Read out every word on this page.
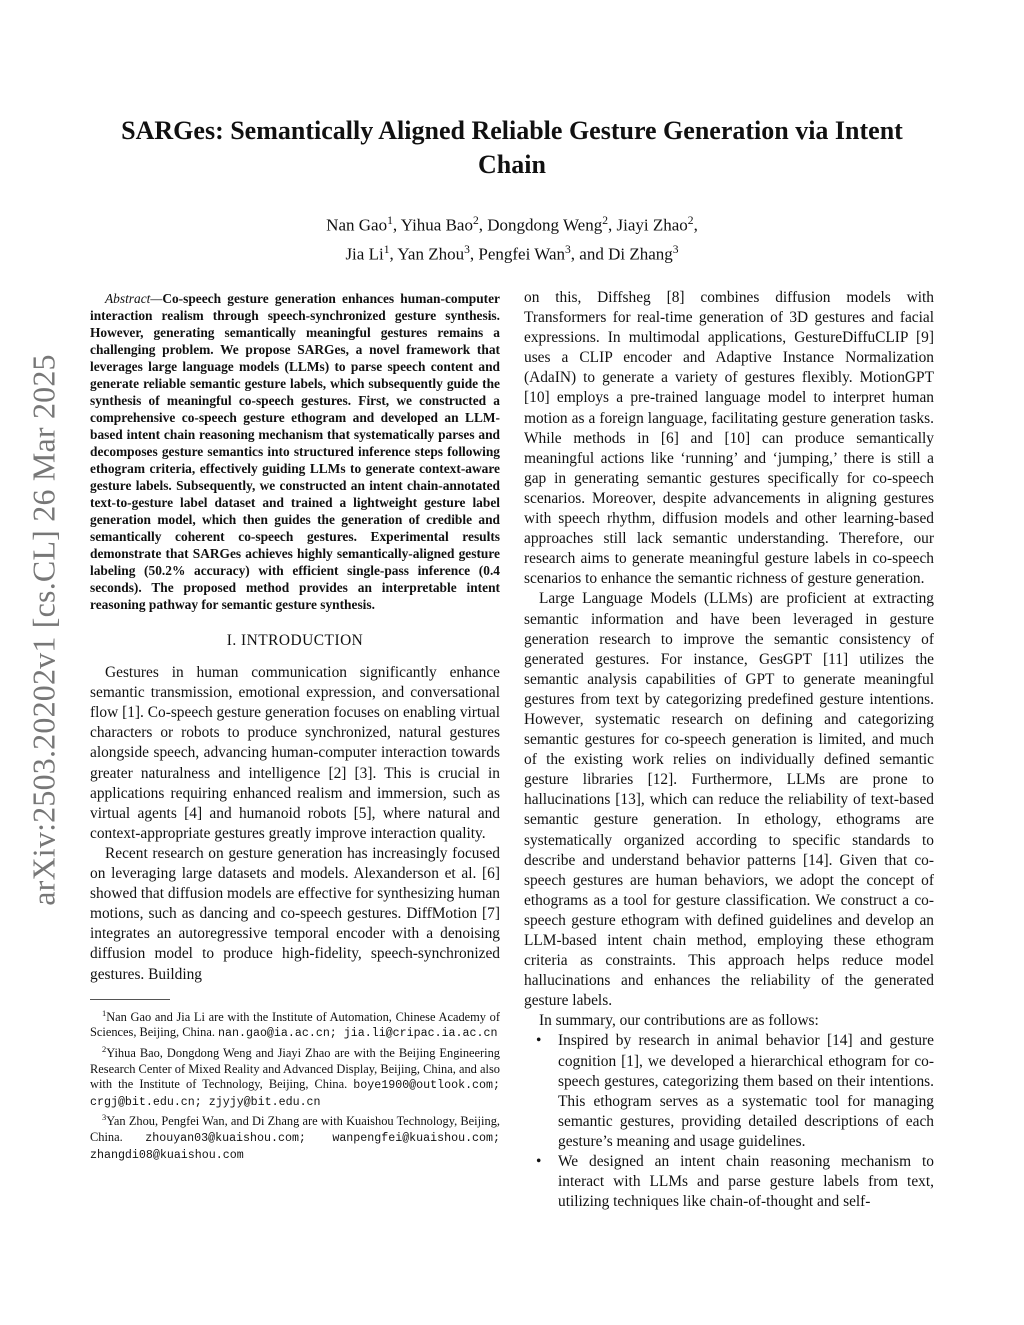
arXiv:2503.20202v1 [cs.CL] 26 Mar 2025
SARGes: Semantically Aligned Reliable Gesture Generation via Intent Chain
Nan Gao$^1$, Yihua Bao$^2$, Dongdong Weng$^2$, Jiayi Zhao$^2$,
Jia Li$^1$, Yan Zhou$^3$, Pengfei Wan$^3$, and Di Zhang$^3$

Abstract—Co-speech gesture generation enhances human-computer interaction realism through speech-synchronized gesture synthesis. However, generating semantically meaningful gestures remains a challenging problem. We propose SARGes, a novel framework that leverages large language models (LLMs) to parse speech content and generate reliable semantic gesture labels, which subsequently guide the synthesis of meaningful co-speech gestures. First, we constructed a comprehensive co-speech gesture ethogram and developed an LLM-based intent chain reasoning mechanism that systematically parses and decomposes gesture semantics into structured inference steps following ethogram criteria, effectively guiding LLMs to generate context-aware gesture labels. Subsequently, we constructed an intent chain-annotated text-to-gesture label dataset and trained a lightweight gesture label generation model, which then guides the generation of credible and semantically coherent co-speech gestures. Experimental results demonstrate that SARGes achieves highly semantically-aligned gesture labeling (50.2% accuracy) with efficient single-pass inference (0.4 seconds). The proposed method provides an interpretable intent reasoning pathway for semantic gesture synthesis.

I. INTRODUCTION

Gestures in human communication significantly enhance semantic transmission, emotional expression, and conversational flow [1]. Co-speech gesture generation focuses on enabling virtual characters or robots to produce synchronized, natural gestures alongside speech, advancing human-computer interaction towards greater naturalness and intelligence [2] [3]. This is crucial in applications requiring enhanced realism and immersion, such as virtual agents [4] and humanoid robots [5], where natural and context-appropriate gestures greatly improve interaction quality.

Recent research on gesture generation has increasingly focused on leveraging large datasets and models. Alexanderson et al. [6] showed that diffusion models are effective for synthesizing human motions, such as dancing and co-speech gestures. DiffMotion [7] integrates an autoregressive temporal encoder with a denoising diffusion model to produce high-fidelity, speech-synchronized gestures. Building

$^1$Nan Gao and Jia Li are with the Institute of Automation, Chinese Academy of Sciences, Beijing, China. nan.gao@ia.ac.cn; jia.li@cripac.ia.ac.cn

$^2$Yihua Bao, Dongdong Weng and Jiayi Zhao are with the Beijing Engineering Research Center of Mixed Reality and Advanced Display, Beijing, China, and also with the Institute of Technology, Beijing, China. boye1900@outlook.com; crgj@bit.edu.cn; zjyjy@bit.edu.cn

$^3$Yan Zhou, Pengfei Wan, and Di Zhang are with Kuaishou Technology, Beijing, China. zhouyan03@kuaishou.com; wanpengfei@kuaishou.com; zhangdi08@kuaishou.com

on this, Diffsheg [8] combines diffusion models with Transformers for real-time generation of 3D gestures and facial expressions. In multimodal applications, GestureDiffuCLIP [9] uses a CLIP encoder and Adaptive Instance Normalization (AdaIN) to generate a variety of gestures flexibly. MotionGPT [10] employs a pre-trained language model to interpret human motion as a foreign language, facilitating gesture generation tasks. While methods in [6] and [10] can produce semantically meaningful actions like ‘running’ and ‘jumping,’ there is still a gap in generating semantic gestures specifically for co-speech scenarios. Moreover, despite advancements in aligning gestures with speech rhythm, diffusion models and other learning-based approaches still lack semantic understanding. Therefore, our research aims to generate meaningful gesture labels in co-speech scenarios to enhance the semantic richness of gesture generation.

Large Language Models (LLMs) are proficient at extracting semantic information and have been leveraged in gesture generation research to improve the semantic consistency of generated gestures. For instance, GesGPT [11] utilizes the semantic analysis capabilities of GPT to generate meaningful gestures from text by categorizing predefined gesture intentions. However, systematic research on defining and categorizing semantic gestures for co-speech generation is limited, and much of the existing work relies on individually defined semantic gesture libraries [12]. Furthermore, LLMs are prone to hallucinations [13], which can reduce the reliability of text-based semantic gesture generation. In ethology, ethograms are systematically organized according to specific standards to describe and understand behavior patterns [14]. Given that co-speech gestures are human behaviors, we adopt the concept of ethograms as a tool for gesture classification. We construct a co-speech gesture ethogram with defined guidelines and develop an LLM-based intent chain method, employing these ethogram criteria as constraints. This approach helps reduce model hallucinations and enhances the reliability of the generated gesture labels.

In summary, our contributions are as follows:

• Inspired by research in animal behavior [14] and gesture cognition [1], we developed a hierarchical ethogram for co-speech gestures, categorizing them based on their intentions. This ethogram serves as a systematic tool for managing semantic gestures, providing detailed descriptions of each gesture’s meaning and usage guidelines.
• We designed an intent chain reasoning mechanism to interact with LLMs and parse gesture labels from text, utilizing techniques like chain-of-thought and self-
